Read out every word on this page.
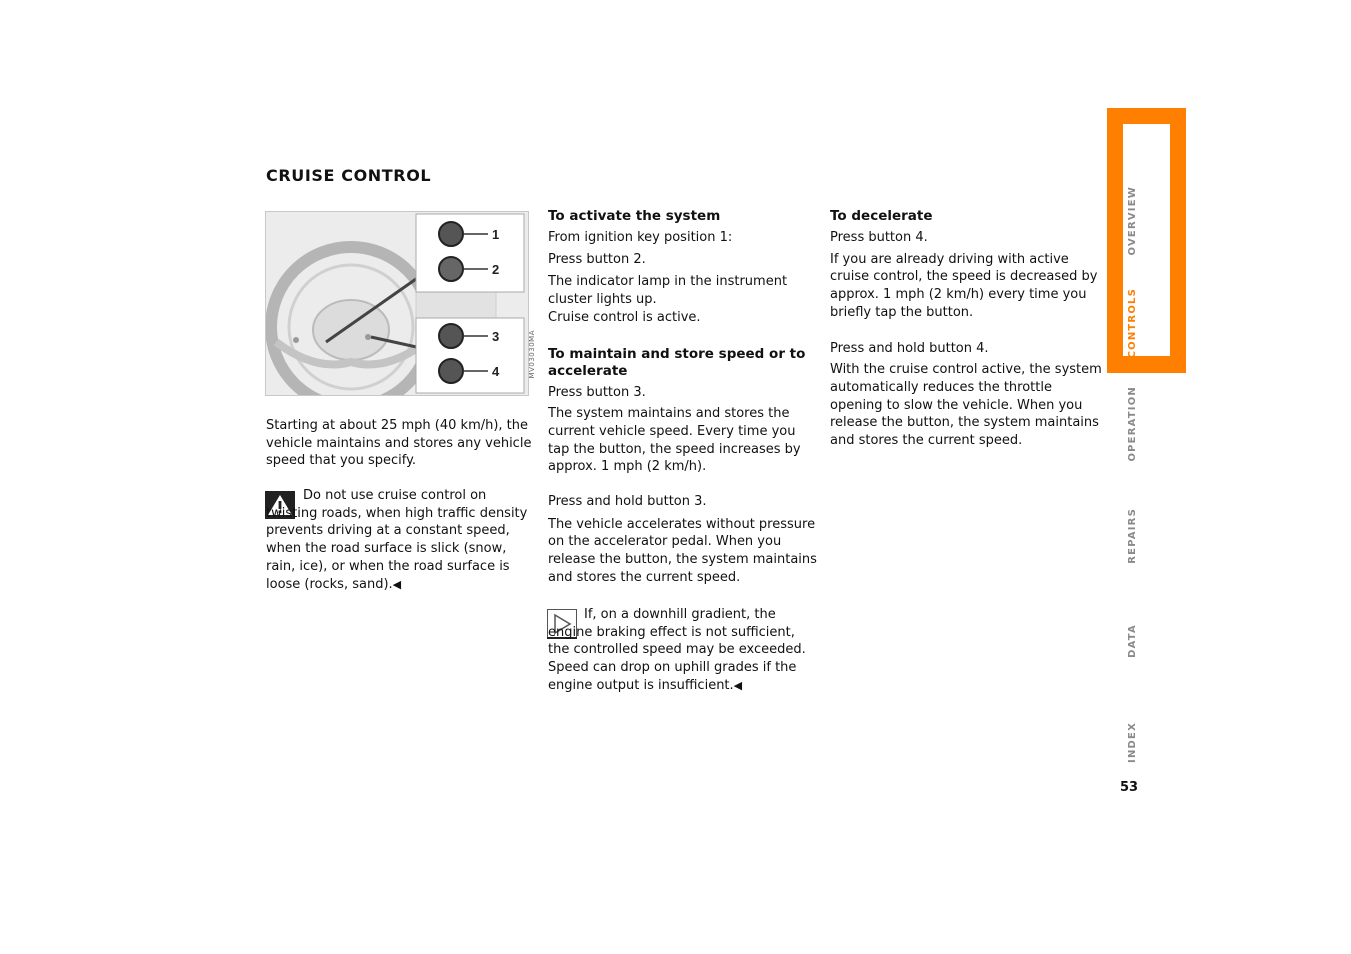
CRUISE CONTROL
1
2
3
4	MV03030MA

Starting at about 25 mph (40 km/h), the vehicle maintains and stores any vehicle speed that you specify.

Do not use cruise control on twisting roads, when high traffic density prevents driving at a constant speed, when the road surface is slick (snow, rain, ice), or when the road surface is loose (rocks, sand).◀

To activate the system

From ignition key position 1:

Press button 2.

The indicator lamp in the instrument cluster lights up.

Cruise control is active.

To maintain and store speed or to accelerate

Press button 3.

The system maintains and stores the current vehicle speed. Every time you tap the button, the speed increases by approx. 1 mph (2 km/h).

Press and hold button 3.

The vehicle accelerates without pressure on the accelerator pedal. When you release the button, the system maintains and stores the current speed.

If, on a downhill gradient, the engine braking effect is not sufficient, the controlled speed may be exceeded. Speed can drop on uphill grades if the engine output is insufficient.◀

To decelerate

Press button 4.

If you are already driving with active cruise control, the speed is decreased by approx. 1 mph (2 km/h) every time you briefly tap the button.

Press and hold button 4.

With the cruise control active, the system automatically reduces the throttle opening to slow the vehicle. When you release the button, the system maintains and stores the current speed.

OVERVIEW
CONTROLS
OPERATION
REPAIRS
DATA
INDEX
53
